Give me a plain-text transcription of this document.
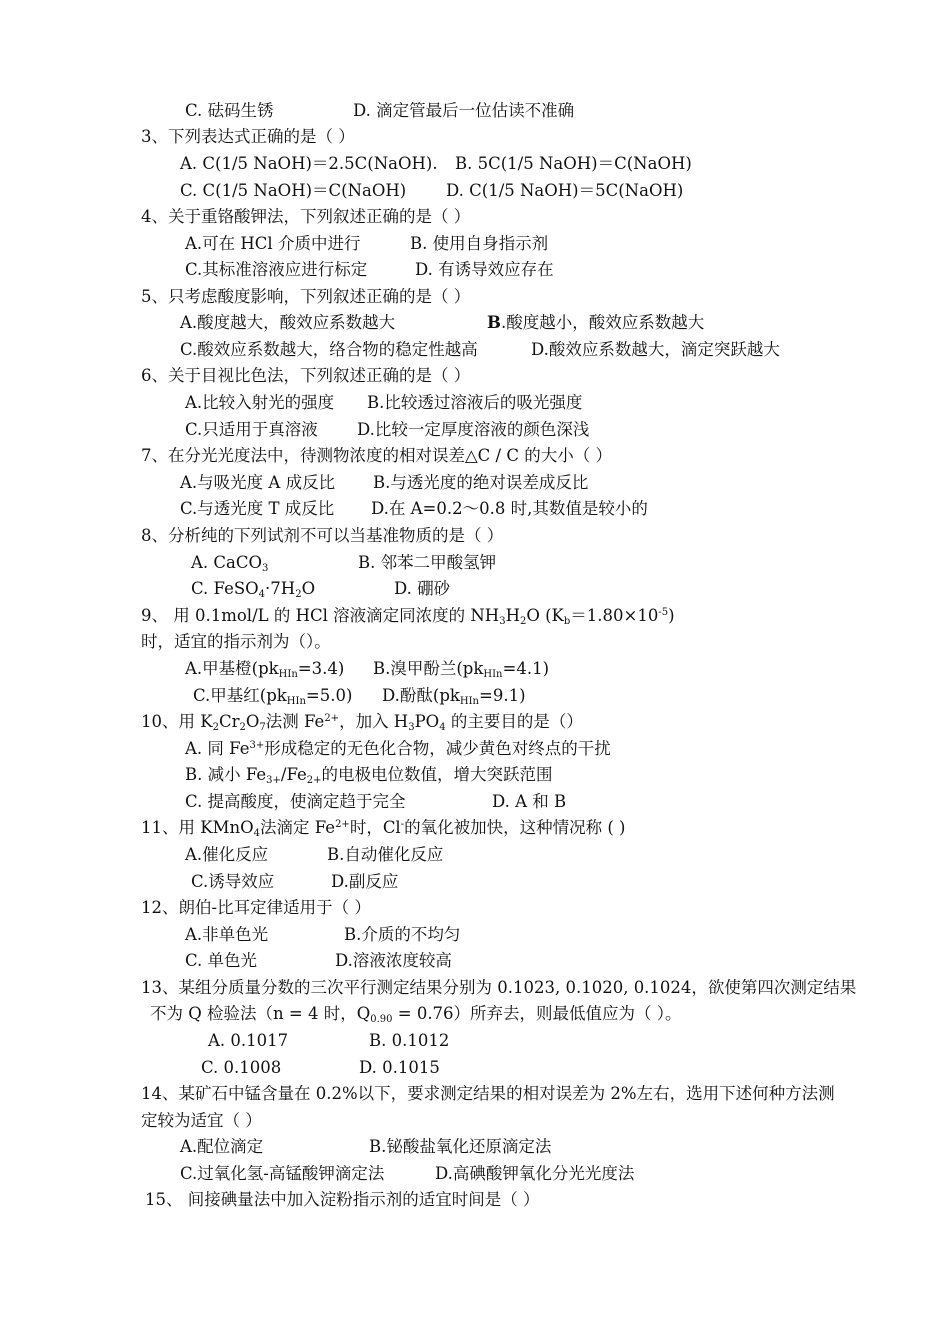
C. 砝码生锈	D. 滴定管最后一位估读不准确
3、下列表达式正确的是（ ）
A. C(1/5 NaOH)＝2.5C(NaOH). B. 5C(1/5 NaOH)＝C(NaOH)
C. C(1/5 NaOH)＝C(NaOH) D. C(1/5 NaOH)＝5C(NaOH)
4、关于重铬酸钾法，下列叙述正确的是（ ）
A.可在 HCl 介质中进行	B. 使用自身指示剂
C.其标准溶液应进行标定	D. 有诱导效应存在
5、只考虑酸度影响，下列叙述正确的是（ ）
A.酸度越大，酸效应系数越大	B.酸度越小，酸效应系数越大
C.酸效应系数越大，络合物的稳定性越高	D.酸效应系数越大，滴定突跃越大
6、关于目视比色法，下列叙述正确的是（ ）
A.比较入射光的强度 B.比较透过溶液后的吸光强度
C.只适用于真溶液 D.比较一定厚度溶液的颜色深浅
7、在分光光度法中，待测物浓度的相对误差△C / C 的大小（ ）
A.与吸光度 A 成反比 B.与透光度的绝对误差成反比
C.与透光度 T 成反比 D.在 A=0.2～0.8 时,其数值是较小的
8、分析纯的下列试剂不可以当基准物质的是（ ）
A. CaCO$_3$	B. 邻苯二甲酸氢钾
C. $FeSO_4\cdot 7H_2O$	D. 硼砂
9、 用 0.1mol/L 的 HCl 溶液滴定同浓度的 $NH_3H_2O$ $(K_b=1.80\times 10^{-5})$
时，适宜的指示剂为（）。
A.甲基橙$(pk_{HIn}=3.4)$ B.溴甲酚兰$(pk_{HIn}=4.1)$
C.甲基红$(pk_{HIn}=5.0)$ D.酚酞$(pk_{HIn}=9.1)$
10、用 $K_2Cr_2O_7$法测 $Fe^{2+}$，加入 $H_3PO_4$ 的主要目的是（）
A. 同 $Fe^{3+}$形成稳定的无色化合物，减少黄色对终点的干扰
B. 减小 $Fe_{3+}/Fe_{2+}$的电极电位数值，增大突跃范围
C. 提高酸度，使滴定趋于完全	D. A 和 B
11、用 KMnO$_4$法滴定 $Fe^{2+}$时，Cl-的氧化被加快，这种情况称 ( )
A.催化反应	B.自动催化反应
C.诱导效应	D.副反应
12、朗伯-比耳定律适用于（ ）
A.非单色光	B.介质的不均匀
C. 单色光	D.溶液浓度较高
13、某组分质量分数的三次平行测定结果分别为 0.1023, 0.1020, 0.1024，欲使第四次测定结果
不为 Q 检验法（n = 4 时，$Q_{0.90} = 0.76$）所弃去，则最低值应为（ ）。
A. 0.1017	B. 0.1012
C. 0.1008	D. 0.1015
14、某矿石中锰含量在 0.2%以下，要求测定结果的相对误差为 2%左右，选用下述何种方法测
定较为适宜（ ）
A.配位滴定	B.铋酸盐氧化还原滴定法
C.过氧化氢-高锰酸钾滴定法	D.高碘酸钾氧化分光光度法
15、 间接碘量法中加入淀粉指示剂的适宜时间是（ ）
